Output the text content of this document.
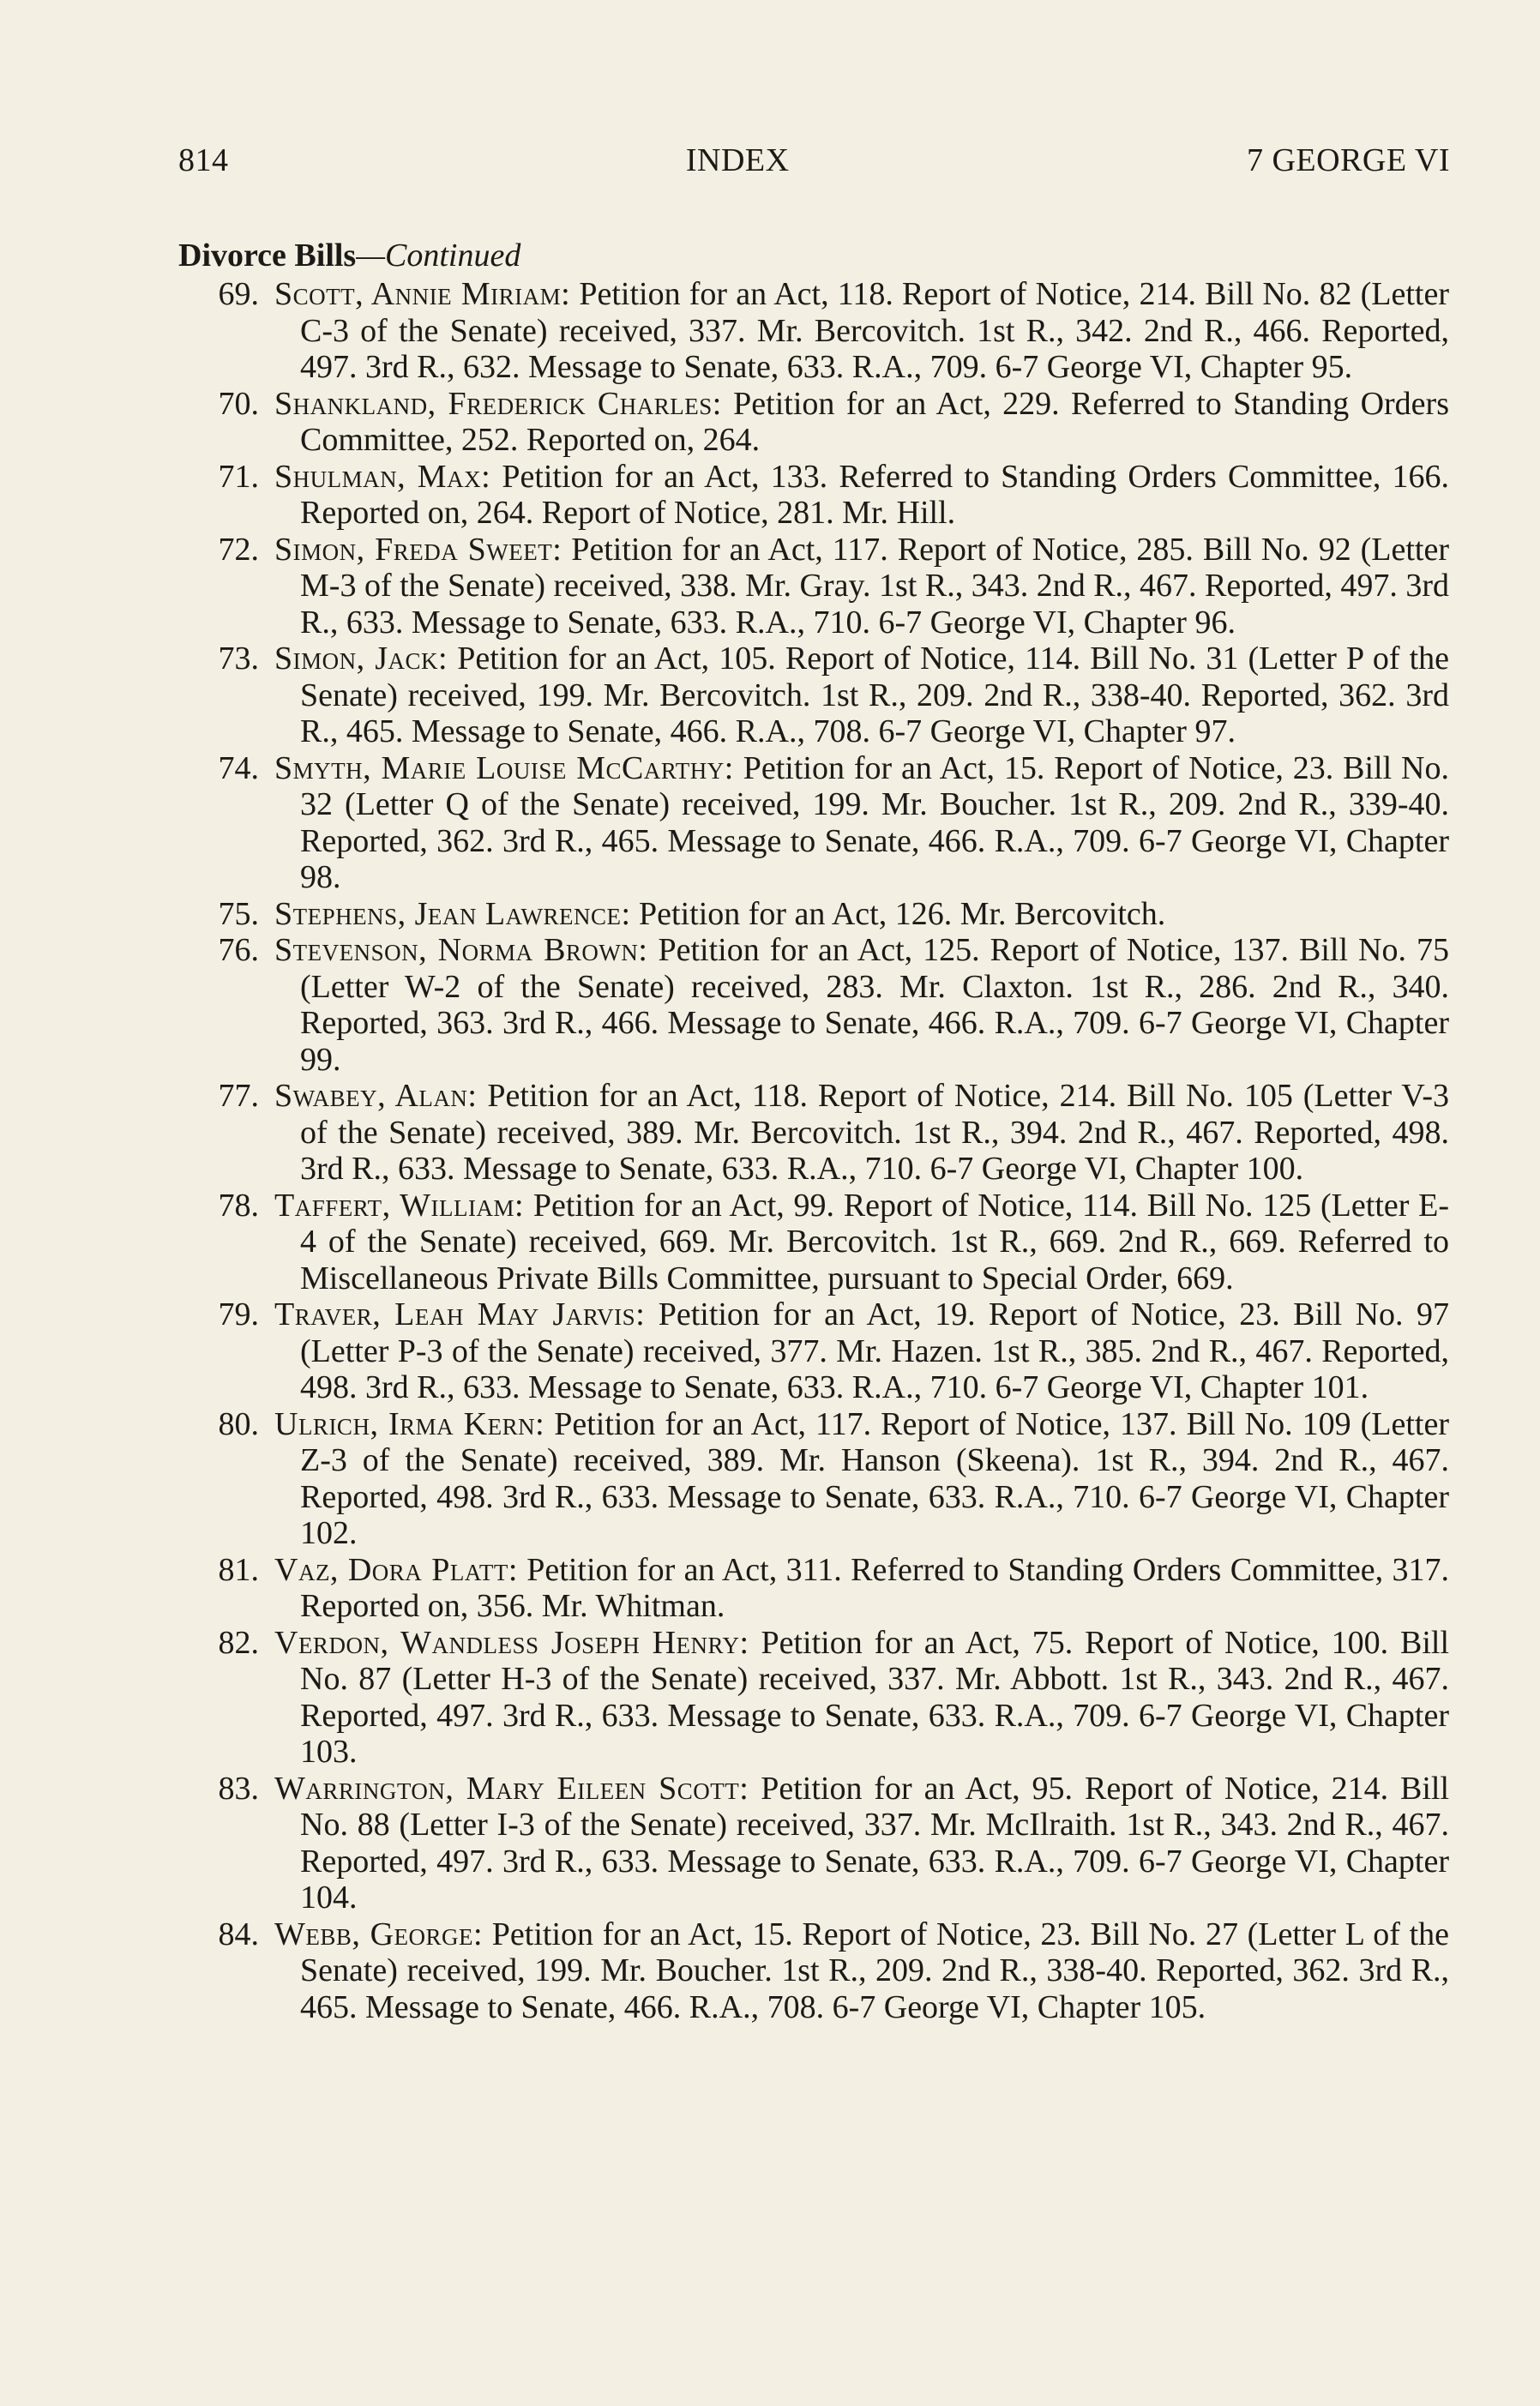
814	INDEX	7 GEORGE VI
Divorce Bills—Continued
69. Scott, Annie Miriam: Petition for an Act, 118. Report of Notice, 214. Bill No. 82 (Letter C-3 of the Senate) received, 337. Mr. Bercovitch. 1st R., 342. 2nd R., 466. Reported, 497. 3rd R., 632. Message to Senate, 633. R.A., 709. 6-7 George VI, Chapter 95.
70. Shankland, Frederick Charles: Petition for an Act, 229. Referred to Standing Orders Committee, 252. Reported on, 264.
71. Shulman, Max: Petition for an Act, 133. Referred to Standing Orders Committee, 166. Reported on, 264. Report of Notice, 281. Mr. Hill.
72. Simon, Freda Sweet: Petition for an Act, 117. Report of Notice, 285. Bill No. 92 (Letter M-3 of the Senate) received, 338. Mr. Gray. 1st R., 343. 2nd R., 467. Reported, 497. 3rd R., 633. Message to Senate, 633. R.A., 710. 6-7 George VI, Chapter 96.
73. Simon, Jack: Petition for an Act, 105. Report of Notice, 114. Bill No. 31 (Letter P of the Senate) received, 199. Mr. Bercovitch. 1st R., 209. 2nd R., 338-40. Reported, 362. 3rd R., 465. Message to Senate, 466. R.A., 708. 6-7 George VI, Chapter 97.
74. Smyth, Marie Louise McCarthy: Petition for an Act, 15. Report of Notice, 23. Bill No. 32 (Letter Q of the Senate) received, 199. Mr. Boucher. 1st R., 209. 2nd R., 339-40. Reported, 362. 3rd R., 465. Message to Senate, 466. R.A., 709. 6-7 George VI, Chapter 98.
75. Stephens, Jean Lawrence: Petition for an Act, 126. Mr. Bercovitch.
76. Stevenson, Norma Brown: Petition for an Act, 125. Report of Notice, 137. Bill No. 75 (Letter W-2 of the Senate) received, 283. Mr. Claxton. 1st R., 286. 2nd R., 340. Reported, 363. 3rd R., 466. Message to Senate, 466. R.A., 709. 6-7 George VI, Chapter 99.
77. Swabey, Alan: Petition for an Act, 118. Report of Notice, 214. Bill No. 105 (Letter V-3 of the Senate) received, 389. Mr. Bercovitch. 1st R., 394. 2nd R., 467. Reported, 498. 3rd R., 633. Message to Senate, 633. R.A., 710. 6-7 George VI, Chapter 100.
78. Taffert, William: Petition for an Act, 99. Report of Notice, 114. Bill No. 125 (Letter E-4 of the Senate) received, 669. Mr. Bercovitch. 1st R., 669. 2nd R., 669. Referred to Miscellaneous Private Bills Committee, pursuant to Special Order, 669.
79. Traver, Leah May Jarvis: Petition for an Act, 19. Report of Notice, 23. Bill No. 97 (Letter P-3 of the Senate) received, 377. Mr. Hazen. 1st R., 385. 2nd R., 467. Reported, 498. 3rd R., 633. Message to Senate, 633. R.A., 710. 6-7 George VI, Chapter 101.
80. Ulrich, Irma Kern: Petition for an Act, 117. Report of Notice, 137. Bill No. 109 (Letter Z-3 of the Senate) received, 389. Mr. Hanson (Skeena). 1st R., 394. 2nd R., 467. Reported, 498. 3rd R., 633. Message to Senate, 633. R.A., 710. 6-7 George VI, Chapter 102.
81. Vaz, Dora Platt: Petition for an Act, 311. Referred to Standing Orders Committee, 317. Reported on, 356. Mr. Whitman.
82. Verdon, Wandless Joseph Henry: Petition for an Act, 75. Report of Notice, 100. Bill No. 87 (Letter H-3 of the Senate) received, 337. Mr. Abbott. 1st R., 343. 2nd R., 467. Reported, 497. 3rd R., 633. Message to Senate, 633. R.A., 709. 6-7 George VI, Chapter 103.
83. Warrington, Mary Eileen Scott: Petition for an Act, 95. Report of Notice, 214. Bill No. 88 (Letter I-3 of the Senate) received, 337. Mr. McIlraith. 1st R., 343. 2nd R., 467. Reported, 497. 3rd R., 633. Message to Senate, 633. R.A., 709. 6-7 George VI, Chapter 104.
84. Webb, George: Petition for an Act, 15. Report of Notice, 23. Bill No. 27 (Letter L of the Senate) received, 199. Mr. Boucher. 1st R., 209. 2nd R., 338-40. Reported, 362. 3rd R., 465. Message to Senate, 466. R.A., 708. 6-7 George VI, Chapter 105.
